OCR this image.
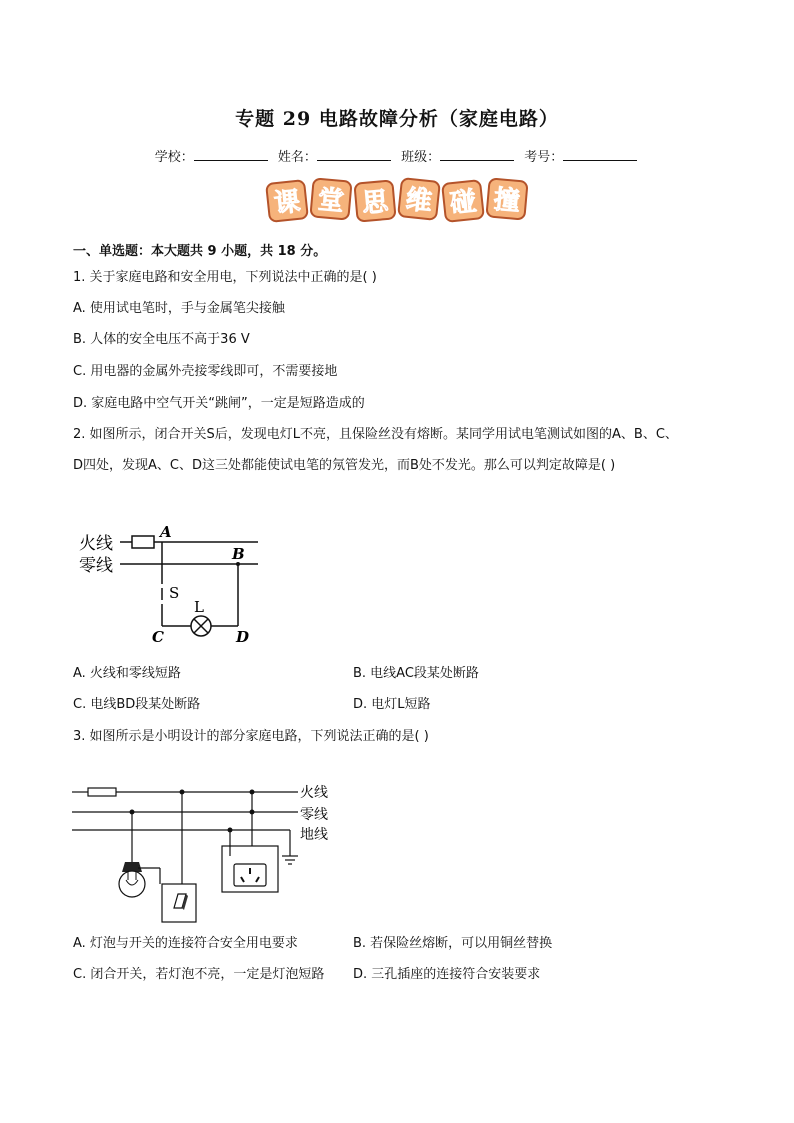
专题 29 电路故障分析（家庭电路）
学校：	姓名：	班级：	考号：
课 堂 思 维 碰 撞
一、单选题：本大题共 9 小题，共 18 分。
1. 关于家庭电路和安全用电，下列说法中正确的是( )
A. 使用试电笔时，手与金属笔尖接触
B. 人体的安全电压不高于36 V
C. 用电器的金属外壳接零线即可，不需要接地
D. 家庭电路中空气开关“跳闸”，一定是短路造成的
2. 如图所示，闭合开关S后，发现电灯L不亮，且保险丝没有熔断。某同学用试电笔测试如图的A、B、C、
D四处，发现A、C、D这三处都能使试电笔的氖管发光，而B处不发光。那么可以判定故障是( )
火线
零线
A
B
C	D
S
L
A. 火线和零线短路	B. 电线AC段某处断路
C. 电线BD段某处断路	D. 电灯L短路
3. 如图所示是小明设计的部分家庭电路，下列说法正确的是( )
火线
零线
地线
A. 灯泡与开关的连接符合安全用电要求	B. 若保险丝熔断，可以用铜丝替换
C. 闭合开关，若灯泡不亮，一定是灯泡短路 D. 三孔插座的连接符合安装要求
